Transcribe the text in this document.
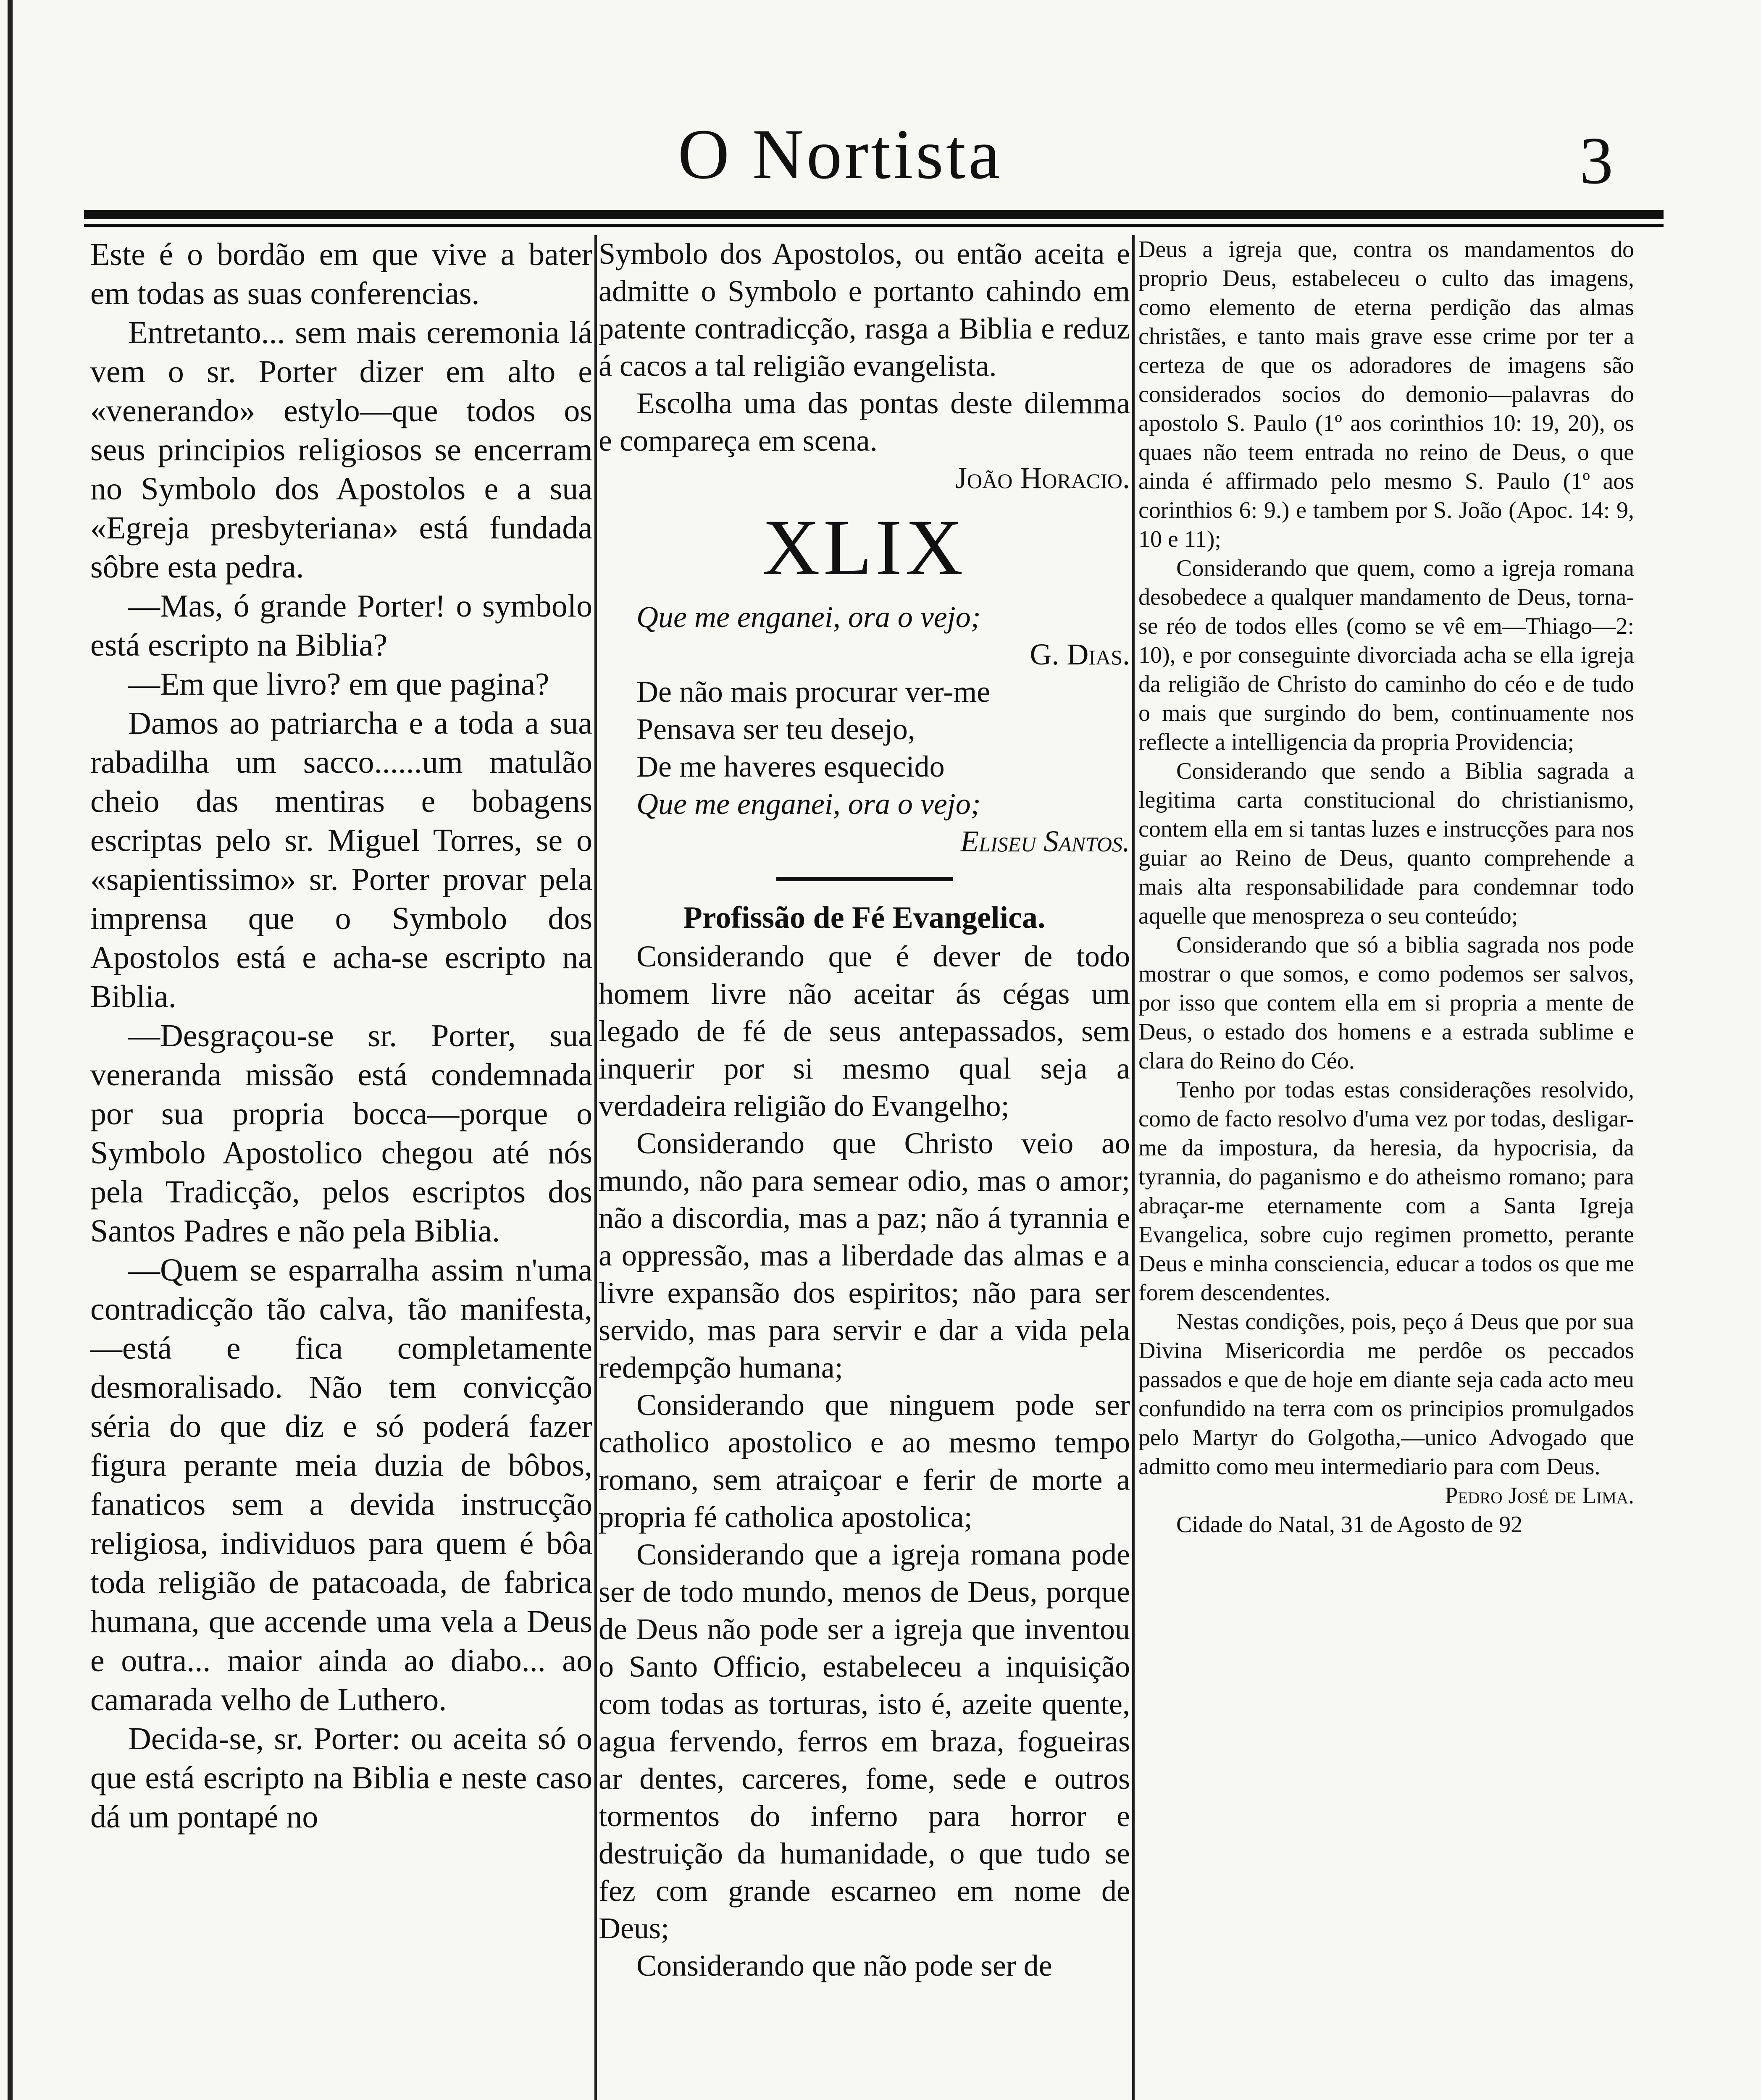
O Nortista	3

Este é o bordão em que vive a bater em todas as suas conferencias.

Entretanto... sem mais ceremonia lá vem o sr. Porter dizer em alto e «venerando» estylo—que todos os seus principios religiosos se encerram no Symbolo dos Apostolos e a sua «Egreja presbyteriana» está fundada sôbre esta pedra.

—Mas, ó grande Porter! o symbolo está escripto na Biblia?

—Em que livro? em que pagina?

Damos ao patriarcha e a toda a sua rabadilha um sacco......um matulão cheio das mentiras e bobagens escriptas pelo sr. Miguel Torres, se o «sapientissimo» sr. Porter provar pela imprensa que o Symbolo dos Apostolos está e acha-se escripto na Biblia.

—Desgraçou-se sr. Porter, sua veneranda missão está condemnada por sua propria bocca—porque o Symbolo Apostolico chegou até nós pela Tradicção, pelos escriptos dos Santos Padres e não pela Biblia.

—Quem se esparralha assim n'uma contradicção tão calva, tão manifesta,—está e fica completamente desmoralisado. Não tem convicção séria do que diz e só poderá fazer figura perante meia duzia de bôbos, fanaticos sem a devida instrucção religiosa, individuos para quem é bôa toda religião de patacoada, de fabrica humana, que accende uma vela a Deus e outra... maior ainda ao diabo... ao camarada velho de Luthero.

Decida-se, sr. Porter: ou aceita só o que está escripto na Biblia e neste caso dá um pontapé no

Symbolo dos Apostolos, ou então aceita e admitte o Symbolo e portanto cahindo em patente contradicção, rasga a Biblia e reduz á cacos a tal religião evangelista.

Escolha uma das pontas deste dilemma e compareça em scena.

João Horacio.

XLIX

Que me enganei, ora o vejo;

G. Dias.

De não mais procurar ver-me

Pensava ser teu desejo,

De me haveres esquecido

Que me enganei, ora o vejo;

Eliseu Santos.

Profissão de Fé Evangelica.

Considerando que é dever de todo homem livre não aceitar ás cégas um legado de fé de seus antepassados, sem inquerir por si mesmo qual seja a verdadeira religião do Evangelho;

Considerando que Christo veio ao mundo, não para semear odio, mas o amor; não a discordia, mas a paz; não á tyrannia e a oppressão, mas a liberdade das almas e a livre expansão dos espiritos; não para ser servido, mas para servir e dar a vida pela redempção humana;

Considerando que ninguem pode ser catholico apostolico e ao mesmo tempo romano, sem atraiçoar e ferir de morte a propria fé catholica apostolica;

Considerando que a igreja romana pode ser de todo mundo, menos de Deus, porque de Deus não pode ser a igreja que inventou o Santo Officio, estabeleceu a inquisição com todas as torturas, isto é, azeite quente, agua fervendo, ferros em braza, fogueiras ar dentes, carceres, fome, sede e outros tormentos do inferno para horror e destruição da humanidade, o que tudo se fez com grande escarneo em nome de Deus;

Considerando que não pode ser de

Deus a igreja que, contra os mandamentos do proprio Deus, estabeleceu o culto das imagens, como elemento de eterna perdição das almas christães, e tanto mais grave esse crime por ter a certeza de que os adoradores de imagens são considerados socios do demonio—palavras do apostolo S. Paulo (1º aos corinthios 10: 19, 20), os quaes não teem entrada no reino de Deus, o que ainda é affirmado pelo mesmo S. Paulo (1º aos corinthios 6: 9.) e tambem por S. João (Apoc. 14: 9, 10 e 11);

Considerando que quem, como a igreja romana desobedece a qualquer mandamento de Deus, torna-se réo de todos elles (como se vê em—Thiago—2: 10), e por conseguinte divorciada acha se ella igreja da religião de Christo do caminho do céo e de tudo o mais que surgindo do bem, continuamente nos reflecte a intelligencia da propria Providencia;

Considerando que sendo a Biblia sagrada a legitima carta constitucional do christianismo, contem ella em si tantas luzes e instrucções para nos guiar ao Reino de Deus, quanto comprehende a mais alta responsabilidade para condemnar todo aquelle que menospreza o seu conteúdo;

Considerando que só a biblia sagrada nos pode mostrar o que somos, e como podemos ser salvos, por isso que contem ella em si propria a mente de Deus, o estado dos homens e a estrada sublime e clara do Reino do Céo.

Tenho por todas estas considerações resolvido, como de facto resolvo d'uma vez por todas, desligar-me da impostura, da heresia, da hypocrisia, da tyrannia, do paganismo e do atheismo romano; para abraçar-me eternamente com a Santa Igreja Evangelica, sobre cujo regimen prometto, perante Deus e minha consciencia, educar a todos os que me forem descendentes.

Nestas condições, pois, peço á Deus que por sua Divina Misericordia me perdôe os peccados passados e que de hoje em diante seja cada acto meu confundido na terra com os principios promulgados pelo Martyr do Golgotha,—unico Advogado que admitto como meu intermediario para com Deus.

Pedro José de Lima.

Cidade do Natal, 31 de Agosto de 92
